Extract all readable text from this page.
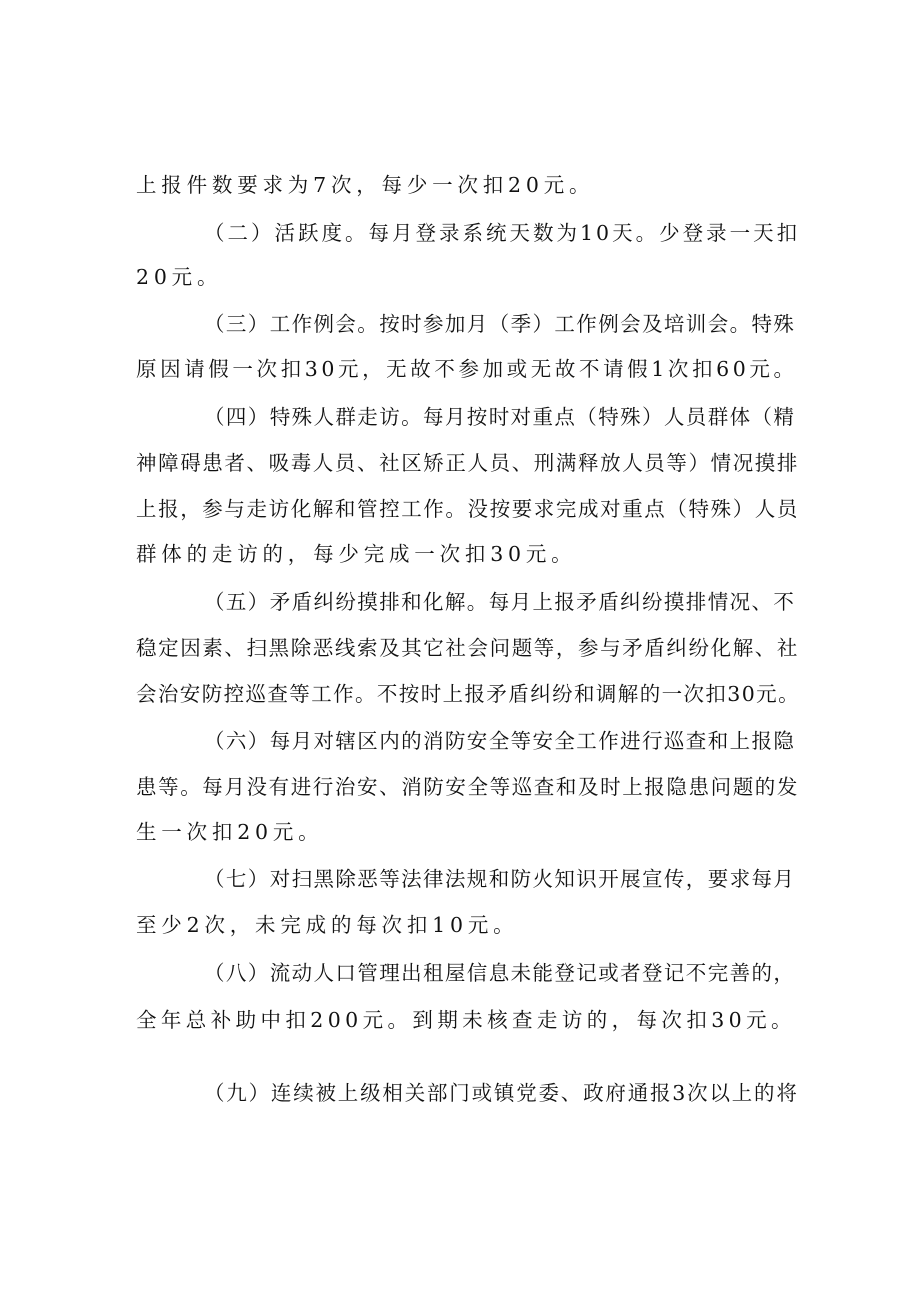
上报件数要求为7次，每少一次扣20元。
（二）活跃度。每月登录系统天数为10天。少登录一天扣
20元。
（三）工作例会。按时参加月（季）工作例会及培训会。特殊
原因请假一次扣30元，无故不参加或无故不请假1次扣60元。
（四）特殊人群走访。每月按时对重点（特殊）人员群体（精
神障碍患者、吸毒人员、社区矫正人员、刑满释放人员等）情况摸排
上报，参与走访化解和管控工作。没按要求完成对重点（特殊）人员
群体的走访的，每少完成一次扣30元。
（五）矛盾纠纷摸排和化解。每月上报矛盾纠纷摸排情况、不
稳定因素、扫黑除恶线索及其它社会问题等，参与矛盾纠纷化解、社
会治安防控巡查等工作。不按时上报矛盾纠纷和调解的一次扣30元。
（六）每月对辖区内的消防安全等安全工作进行巡查和上报隐
患等。每月没有进行治安、消防安全等巡查和及时上报隐患问题的发
生一次扣20元。
（七）对扫黑除恶等法律法规和防火知识开展宣传，要求每月
至少2次，未完成的每次扣10元。
（八）流动人口管理出租屋信息未能登记或者登记不完善的，
全年总补助中扣200元。到期未核查走访的，每次扣30元。
（九）连续被上级相关部门或镇党委、政府通报3次以上的将
